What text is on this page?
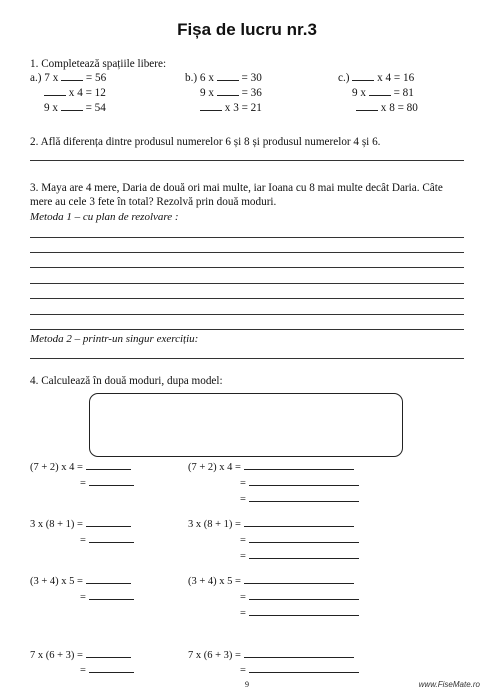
Fișa de lucru nr.3
1. Completează spațiile libere:
a.) 7 x = 56
x 4 = 12
9 x = 54
b.) 6 x = 30
9 x = 36
x 3 = 21
c.) x 4 = 16
9 x = 81
x 8 = 80
2. Află diferența dintre produsul numerelor 6 și 8 și produsul numerelor 4 și 6.
3. Maya are 4 mere, Daria de două ori mai multe, iar Ioana cu 8 mai multe decât Daria. Câte
mere au cele 3 fete în total? Rezolvă prin două moduri.
Metoda 1 – cu plan de rezolvare :
Metoda 2 – printr-un singur exercițiu:
4. Calculează în două moduri, dupa model:
(7 + 2) x 4 =
=
(7 + 2) x 4 =
=
=
3 x (8 + 1) =
=
3 x (8 + 1) =
=
=
(3 + 4) x 5 =
=
(3 + 4) x 5 =
=
=
7 x (6 + 3) =
=
7 x (6 + 3) =
=
9	www.FiseMate.ro
